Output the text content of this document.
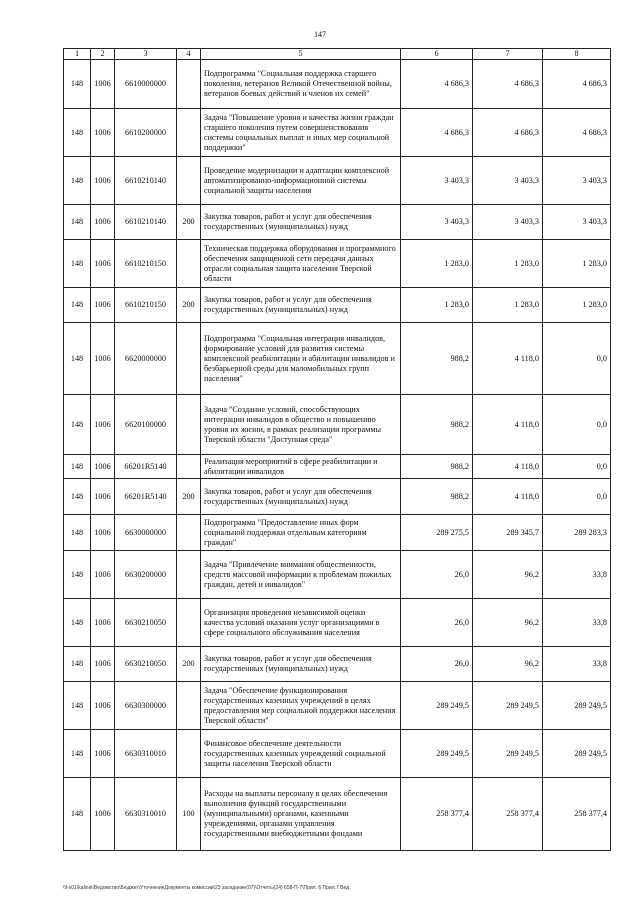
147
1	2	3	4	5	6	7	8
148	1006	6610000000		Подпрограмма "Социальная поддержка старшего поколения, ветеранов Великой Отечественной войны, ветеранов боевых действий и членов их семей"	4 686,3	4 686,3	4 686,3
148	1006	6610200000		Задача "Повышение уровня и качества жизни граждан старшего поколения путем совершенствования системы социальных выплат и иных мер социальной поддержки"	4 686,3	4 686,3	4 686,3
148	1006	6610210140		Проведение модернизации и адаптации комплексной автоматизированно-информационной системы социальной защиты населения	3 403,3	3 403,3	3 403,3
148	1006	6610210140	200	Закупка товаров, работ и услуг для обеспечения государственных (муниципальных) нужд	3 403,3	3 403,3	3 403,3
148	1006	6610210150		Техническая поддержка оборудования и программного обеспечения защищенной сети передачи данных отрасли социальная защита населения Тверской области	1 283,0	1 283,0	1 283,0
148	1006	6610210150	200	Закупка товаров, работ и услуг для обеспечения государственных (муниципальных) нужд	1 283,0	1 283,0	1 283,0
148	1006	6620000000		Подпрограмма "Социальная интеграция инвалидов, формирование условий для развития системы комплексной реабилитации и абилитации инвалидов и безбарьерной среды для маломобильных групп населения"	988,2	4 118,0	0,0
148	1006	6620100000		Задача "Создание условий, способствующих интеграции инвалидов в общество и повышению уровня их жизни, в рамках реализации программы Тверской области "Доступная среда"	988,2	4 118,0	0,0
148	1006	66201R5140		Реализация мероприятий в сфере реабилитации и абилитации инвалидов	988,2	4 118,0	0,0
148	1006	66201R5140	200	Закупка товаров, работ и услуг для обеспечения государственных (муниципальных) нужд	988,2	4 118,0	0,0
148	1006	6630000000		Подпрограмма "Предоставление иных форм социальной поддержки отдельным категориям граждан"	289 275,5	289 345,7	289 283,3
148	1006	6630200000		Задача "Привлечение внимания общественности, средств массовой информации к проблемам пожилых граждан, детей и инвалидов"	26,0	96,2	33,8
148	1006	6630210050		Организация проведения независимой оценки качества условий оказания услуг организациями в сфере социального обслуживания населения	26,0	96,2	33,8
148	1006	6630210050	200	Закупка товаров, работ и услуг для обеспечения государственных (муниципальных) нужд	26,0	96,2	33,8
148	1006	6630300000		Задача "Обеспечение функционирования государственных казенных учреждений в целях предоставления мер социальной поддержки населения Тверской области"	289 249,5	289 249,5	289 249,5
148	1006	6630310010		Финансовое обеспечение деятельности государственных казенных учреждений социальной защиты населения Тверской области	289 249,5	289 249,5	289 249,5
148	1006	6630310010	100	Расходы на выплаты персоналу в целях обеспечения выполнения функций государственными (муниципальными) органами, казенными учреждениями, органами управления государственными внебюджетными фондами	258 377,4	258 377,4	258 377,4
\\f-s01\kalinin\Ведомство\Бюджет\УточнениеДокументы комиссии\23 заседание(07)\Отчеты(24) 658-П-7\Прил. 6 Прил.7 Вед.
